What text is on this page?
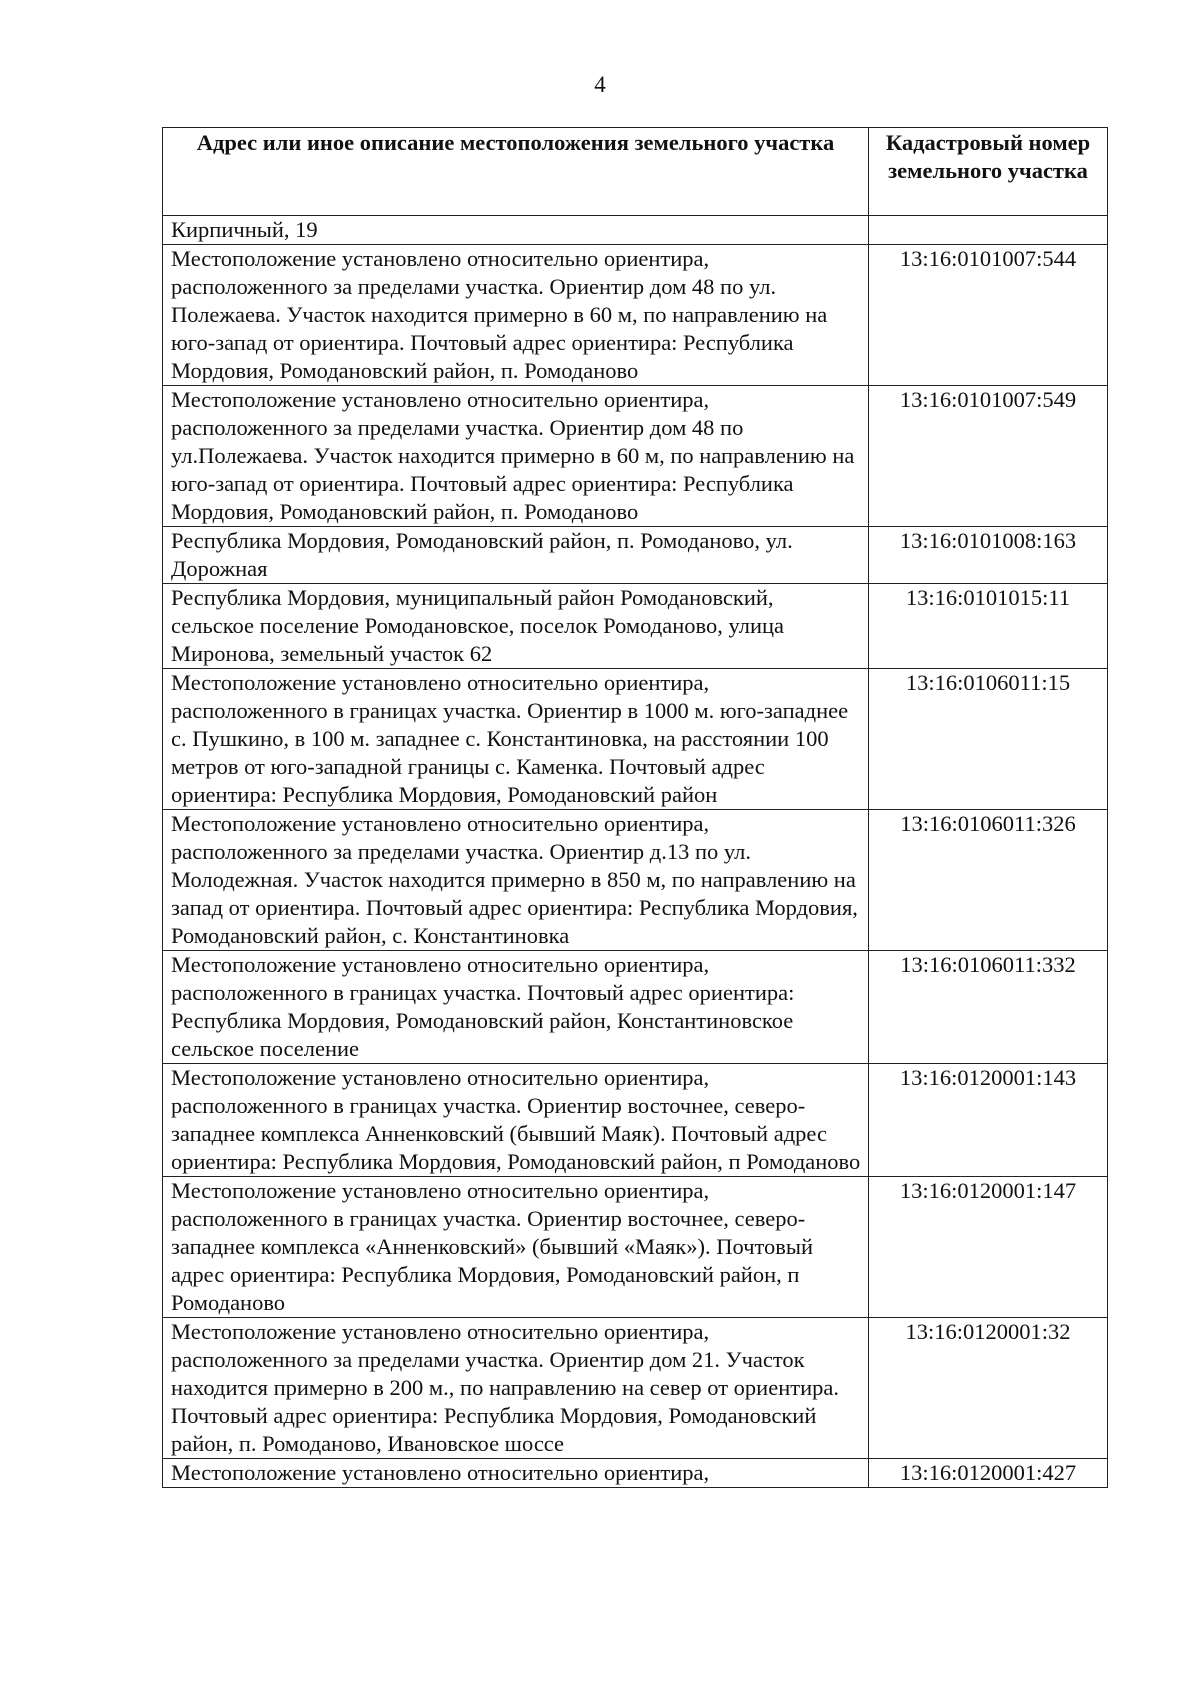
4
Адрес или иное описание местоположения земельного участка	Кадастровый номер земельного участка
Кирпичный, 19	
Местоположение установлено относительно ориентира, расположенного за пределами участка. Ориентир дом 48 по ул. Полежаева. Участок находится примерно в 60 м, по направлению на юго-запад от ориентира. Почтовый адрес ориентира: Республика Мордовия, Ромодановский район, п. Ромоданово	13:16:0101007:544
Местоположение установлено относительно ориентира, расположенного за пределами участка. Ориентир дом 48 по ул.Полежаева. Участок находится примерно в 60 м, по направлению на юго-запад от ориентира. Почтовый адрес ориентира: Республика Мордовия, Ромодановский район, п. Ромоданово	13:16:0101007:549
Республика Мордовия, Ромодановский район, п. Ромоданово, ул. Дорожная	13:16:0101008:163
Республика Мордовия, муниципальный район Ромодановский, сельское поселение Ромодановское, поселок Ромоданово, улица Миронова, земельный участок 62	13:16:0101015:11
Местоположение установлено относительно ориентира, расположенного в границах участка. Ориентир в 1000 м. юго-западнее с. Пушкино, в 100 м. западнее с. Константиновка, на расстоянии 100 метров от юго-западной границы с. Каменка. Почтовый адрес ориентира: Республика Мордовия, Ромодановский район	13:16:0106011:15
Местоположение установлено относительно ориентира, расположенного за пределами участка. Ориентир д.13 по ул. Молодежная. Участок находится примерно в 850 м, по направлению на запад от ориентира. Почтовый адрес ориентира: Республика Мордовия, Ромодановский район, с. Константиновка	13:16:0106011:326
Местоположение установлено относительно ориентира, расположенного в границах участка. Почтовый адрес ориентира: Республика Мордовия, Ромодановский район, Константиновское сельское поселение	13:16:0106011:332
Местоположение установлено относительно ориентира, расположенного в границах участка. Ориентир восточнее, северо-западнее комплекса Анненковский (бывший Маяк). Почтовый адрес ориентира: Республика Мордовия, Ромодановский район, п Ромоданово	13:16:0120001:143
Местоположение установлено относительно ориентира, расположенного в границах участка. Ориентир восточнее, северо-западнее комплекса «Анненковский» (бывший «Маяк»). Почтовый адрес ориентира: Республика Мордовия, Ромодановский район, п Ромоданово	13:16:0120001:147
Местоположение установлено относительно ориентира, расположенного за пределами участка. Ориентир дом 21. Участок находится примерно в 200 м., по направлению на север от ориентира. Почтовый адрес ориентира: Республика Мордовия, Ромодановский район, п. Ромоданово, Ивановское шоссе	13:16:0120001:32
Местоположение установлено относительно ориентира,	13:16:0120001:427
